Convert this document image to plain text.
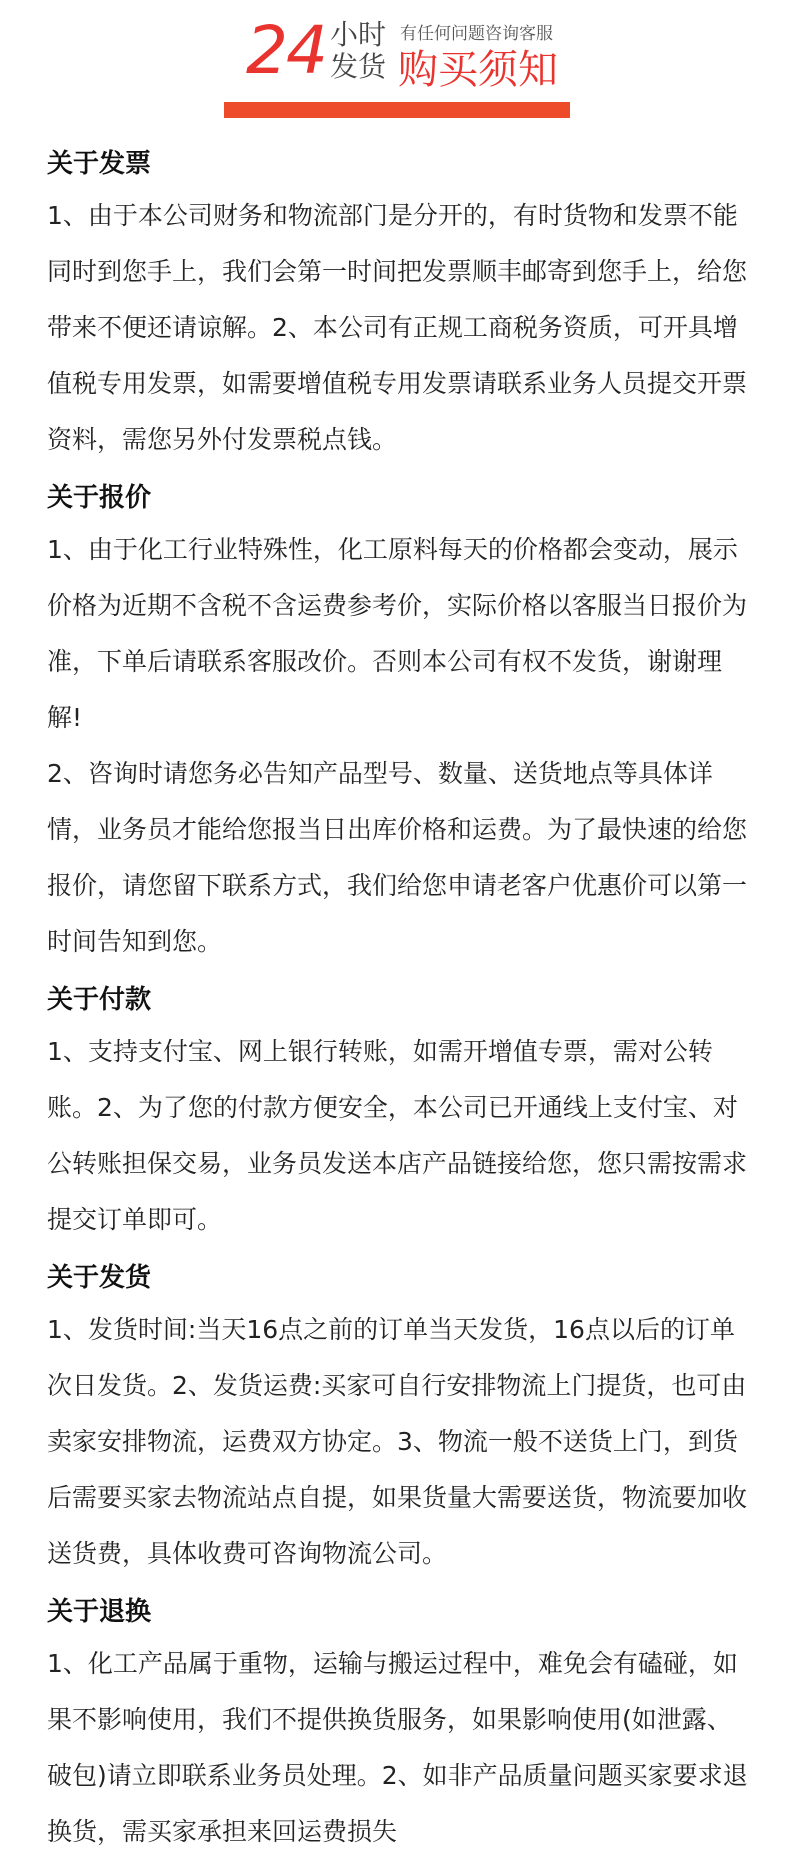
24 小时
发货
有任何问题咨询客服
购买须知
关于发票

1、由于本公司财务和物流部门是分开的，有时货物和发票不能同时到您手上，我们会第一时间把发票顺丰邮寄到您手上，给您带来不便还请谅解。2、本公司有正规工商税务资质，可开具增值税专用发票，如需要增值税专用发票请联系业务人员提交开票资料，需您另外付发票税点钱。

关于报价

1、由于化工行业特殊性，化工原料每天的价格都会变动，展示价格为近期不含税不含运费参考价，实际价格以客服当日报价为准，下单后请联系客服改价。否则本公司有权不发货，谢谢理解!

2、咨询时请您务必告知产品型号、数量、送货地点等具体详情，业务员才能给您报当日出库价格和运费。为了最快速的给您报价，请您留下联系方式，我们给您申请老客户优惠价可以第一时间告知到您。

关于付款

1、支持支付宝、网上银行转账，如需开增值专票，需对公转账。2、为了您的付款方便安全，本公司已开通线上支付宝、对公转账担保交易，业务员发送本店产品链接给您，您只需按需求提交订单即可。

关于发货

1、发货时间:当天16点之前的订单当天发货，16点以后的订单次日发货。2、发货运费:买家可自行安排物流上门提货，也可由卖家安排物流，运费双方协定。3、物流一般不送货上门，到货后需要买家去物流站点自提，如果货量大需要送货，物流要加收送货费，具体收费可咨询物流公司。

关于退换

1、化工产品属于重物，运输与搬运过程中，难免会有磕碰，如果不影响使用，我们不提供换货服务，如果影响使用(如泄露、破包)请立即联系业务员处理。2、如非产品质量问题买家要求退换货，需买家承担来回运费损失
